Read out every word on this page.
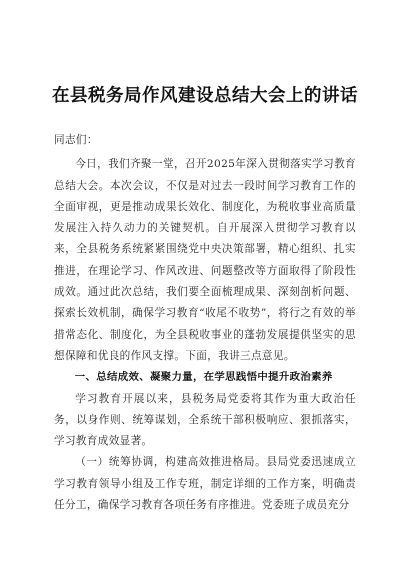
在县税务局作风建设总结大会上的讲话

同志们：

今日，我们齐聚一堂，召开2025年深入贯彻落实学习教育总结大会。本次会议，不仅是对过去一段时间学习教育工作的全面审视，更是推动成果长效化、制度化，为税收事业高质量发展注入持久动力的关键契机。自开展深入贯彻学习教育以来，全县税务系统紧紧围绕党中央决策部署，精心组织、扎实推进，在理论学习、作风改进、问题整改等方面取得了阶段性成效。通过此次总结，我们要全面梳理成果、深刻剖析问题、探索长效机制，确保学习教育“收尾不收势”，将行之有效的举措常态化、制度化，为全县税收事业的蓬勃发展提供坚实的思想保障和优良的作风支撑。下面，我讲三点意见。

一、总结成效、凝聚力量，在学思践悟中提升政治素养

学习教育开展以来，县税务局党委将其作为重大政治任务，以身作则、统筹谋划，全系统干部积极响应、狠抓落实，学习教育成效显著。

（一）统筹协调，构建高效推进格局。县局党委迅速成立学习教育领导小组及工作专班，制定详细的工作方案，明确责任分工，确保学习教育各项任务有序推进。党委班子成员充分
